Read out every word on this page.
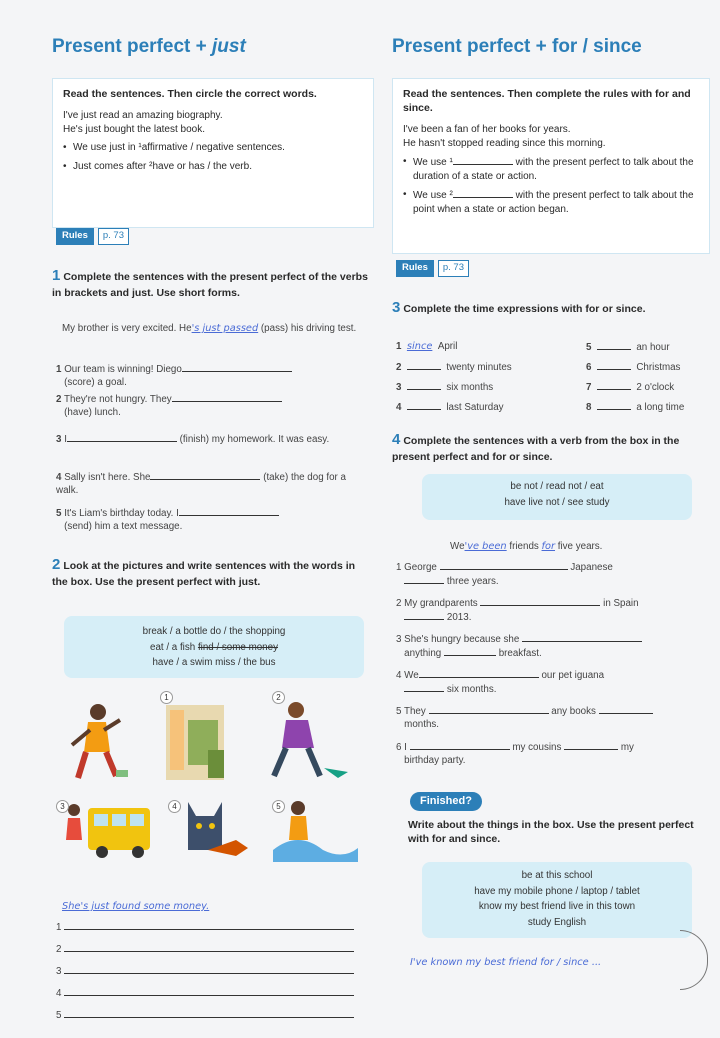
Present perfect + just
Read the sentences. Then circle the correct words.

I've just read an amazing biography.

He's just bought the latest book.

• We use just in ¹affirmative / negative sentences.
• Just comes after ²have or has / the verb.
Rules	p. 73
1 Complete the sentences with the present perfect of the verbs in brackets and just. Use short forms.
My brother is very excited. He's just passed (pass) his driving test.
1 Our team is winning! Diego
(score) a goal.
2 They're not hungry. They
(have) lunch.
3 I	(finish) my homework. It was easy.
4 Sally isn't here. She	(take) the dog for a walk.
5 It's Liam's birthday today. I
(send) him a text message.
2 Look at the pictures and write sentences with the words in the box. Use the present perfect with just.
break / a bottle do / the shopping
eat / a fish find / some money
have / a swim miss / the bus
1	2
3	4	5
She's just found some money.
1
2
3
4
5
Present perfect + for / since
Read the sentences. Then complete the rules with for and since.

I've been a fan of her books for years.

He hasn't stopped reading since this morning.

• We use ¹	with the present perfect to talk about the duration of a state or action.
• We use ²	with the present perfect to talk about the point when a state or action began.
Rules	p. 73
3 Complete the time expressions with for or since.
1 since April
2	twenty minutes
3	six months
4	last Saturday
5	an hour
6	Christmas
7	2 o'clock
8	a long time
4 Complete the sentences with a verb from the box in the present perfect and for or since.
be not / read not / eat
have live not / see study
We've been friends for five years.
1 George	Japanese
three years.
2 My grandparents	in Spain
2013.
3 She's hungry because she
anything	breakfast.
4 We	our pet iguana
six months.
5 They	any books
months.
6 I	my cousins	my
birthday party.
Finished?
Write about the things in the box. Use the present perfect with for and since.
be at this school
have my mobile phone / laptop / tablet
know my best friend live in this town
study English
I've known my best friend for / since ...
